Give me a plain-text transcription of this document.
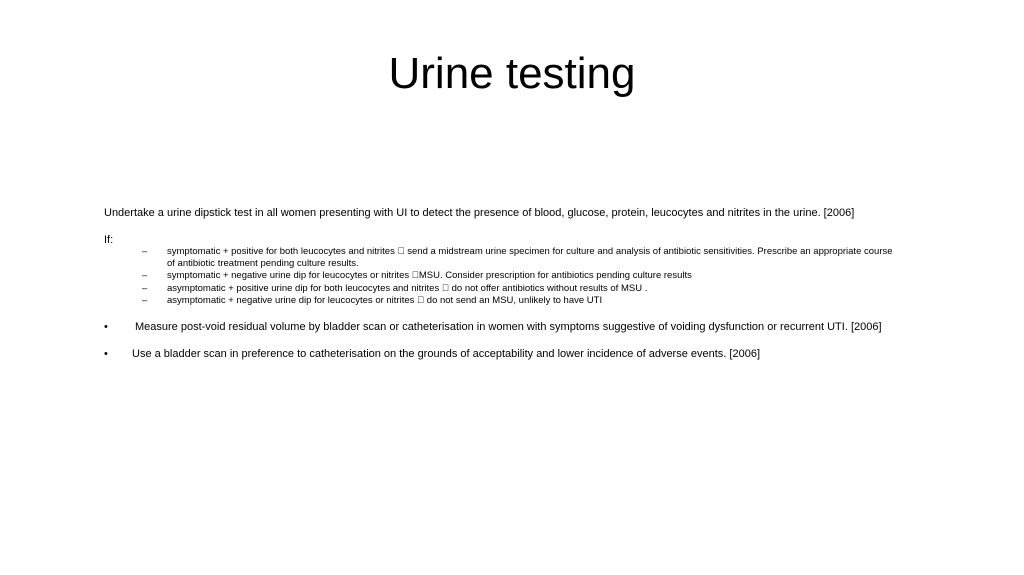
Urine testing
Undertake a urine dipstick test in all women presenting with UI to detect the presence of blood, glucose, protein, leucocytes and nitrites in the urine. [2006]
If:
– symptomatic + positive for both leucocytes and nitrites send a midstream urine specimen for culture and analysis of antibiotic sensitivities. Prescribe an appropriate course of antibiotic treatment pending culture results.
– symptomatic + negative urine dip for leucocytes or nitrites MSU. Consider prescription for antibiotics pending culture results
– asymptomatic + positive urine dip for both leucocytes and nitrites do not offer antibiotics without results of MSU .
– asymptomatic + negative urine dip for leucocytes or nitrites do not send an MSU, unlikely to have UTI
• Measure post-void residual volume by bladder scan or catheterisation in women with symptoms suggestive of voiding dysfunction or recurrent UTI. [2006]
• Use a bladder scan in preference to catheterisation on the grounds of acceptability and lower incidence of adverse events. [2006]
